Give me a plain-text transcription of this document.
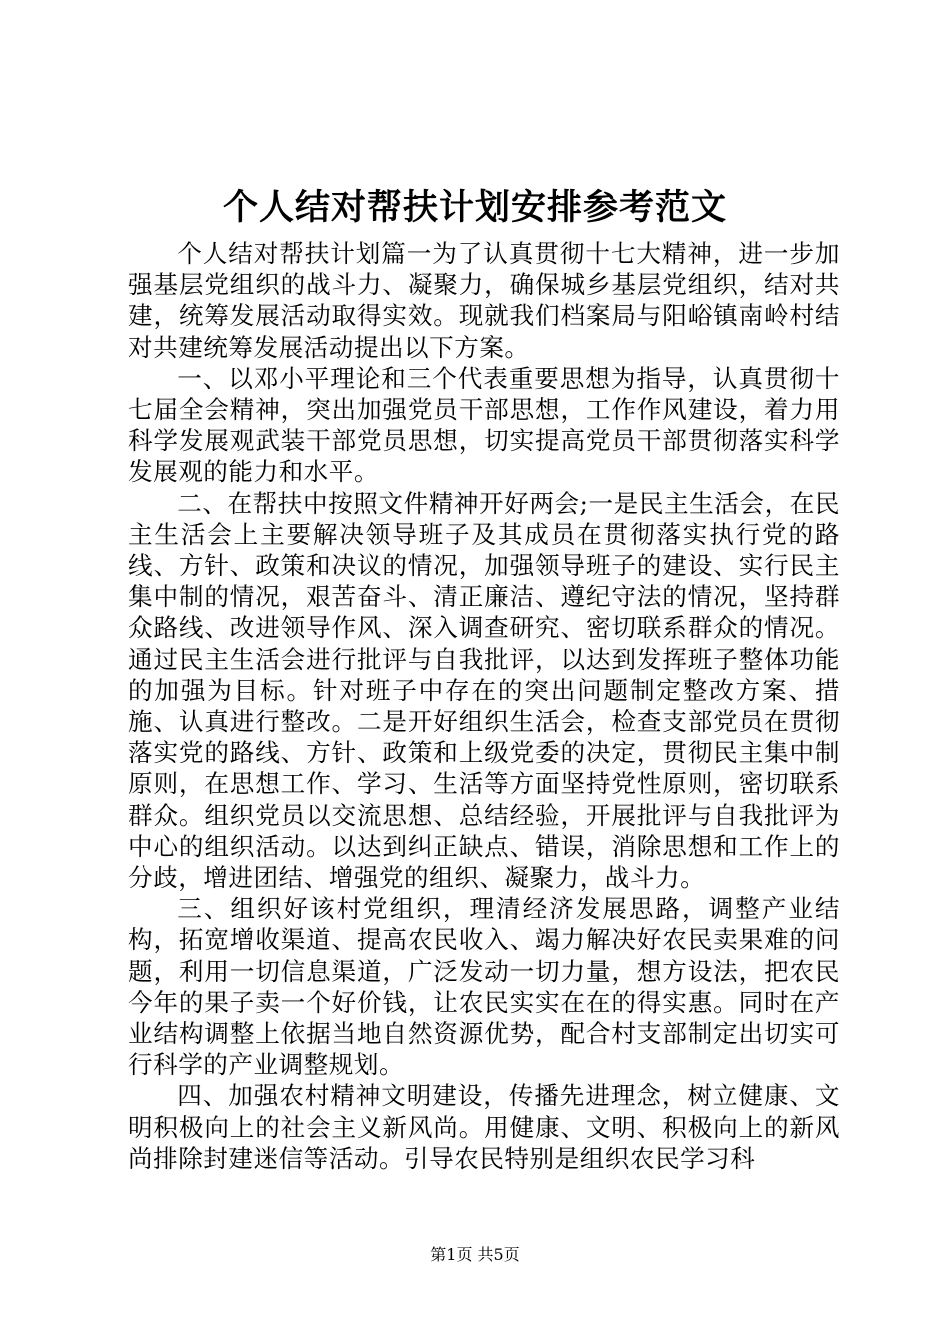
个人结对帮扶计划安排参考范文

个人结对帮扶计划篇一为了认真贯彻十七大精神，进一步加强基层党组织的战斗力、凝聚力，确保城乡基层党组织，结对共建，统筹发展活动取得实效。现就我们档案局与阳峪镇南岭村结对共建统筹发展活动提出以下方案。

一、以邓小平理论和三个代表重要思想为指导，认真贯彻十七届全会精神，突出加强党员干部思想，工作作风建设，着力用科学发展观武装干部党员思想，切实提高党员干部贯彻落实科学发展观的能力和水平。

二、在帮扶中按照文件精神开好两会;一是民主生活会，在民主生活会上主要解决领导班子及其成员在贯彻落实执行党的路线、方针、政策和决议的情况，加强领导班子的建设、实行民主集中制的情况，艰苦奋斗、清正廉洁、遵纪守法的情况，坚持群众路线、改进领导作风、深入调查研究、密切联系群众的情况。通过民主生活会进行批评与自我批评，以达到发挥班子整体功能的加强为目标。针对班子中存在的突出问题制定整改方案、措施、认真进行整改。二是开好组织生活会，检查支部党员在贯彻落实党的路线、方针、政策和上级党委的决定，贯彻民主集中制原则，在思想工作、学习、生活等方面坚持党性原则，密切联系群众。组织党员以交流思想、总结经验，开展批评与自我批评为中心的组织活动。以达到纠正缺点、错误，消除思想和工作上的分歧，增进团结、增强党的组织、凝聚力，战斗力。

三、组织好该村党组织，理清经济发展思路，调整产业结构，拓宽增收渠道、提高农民收入、竭力解决好农民卖果难的问题，利用一切信息渠道，广泛发动一切力量，想方设法，把农民今年的果子卖一个好价钱，让农民实实在在的得实惠。同时在产业结构调整上依据当地自然资源优势，配合村支部制定出切实可行科学的产业调整规划。

四、加强农村精神文明建设，传播先进理念，树立健康、文明积极向上的社会主义新风尚。用健康、文明、积极向上的新风尚排除封建迷信等活动。引导农民特别是组织农民学习科

第1页 共5页
